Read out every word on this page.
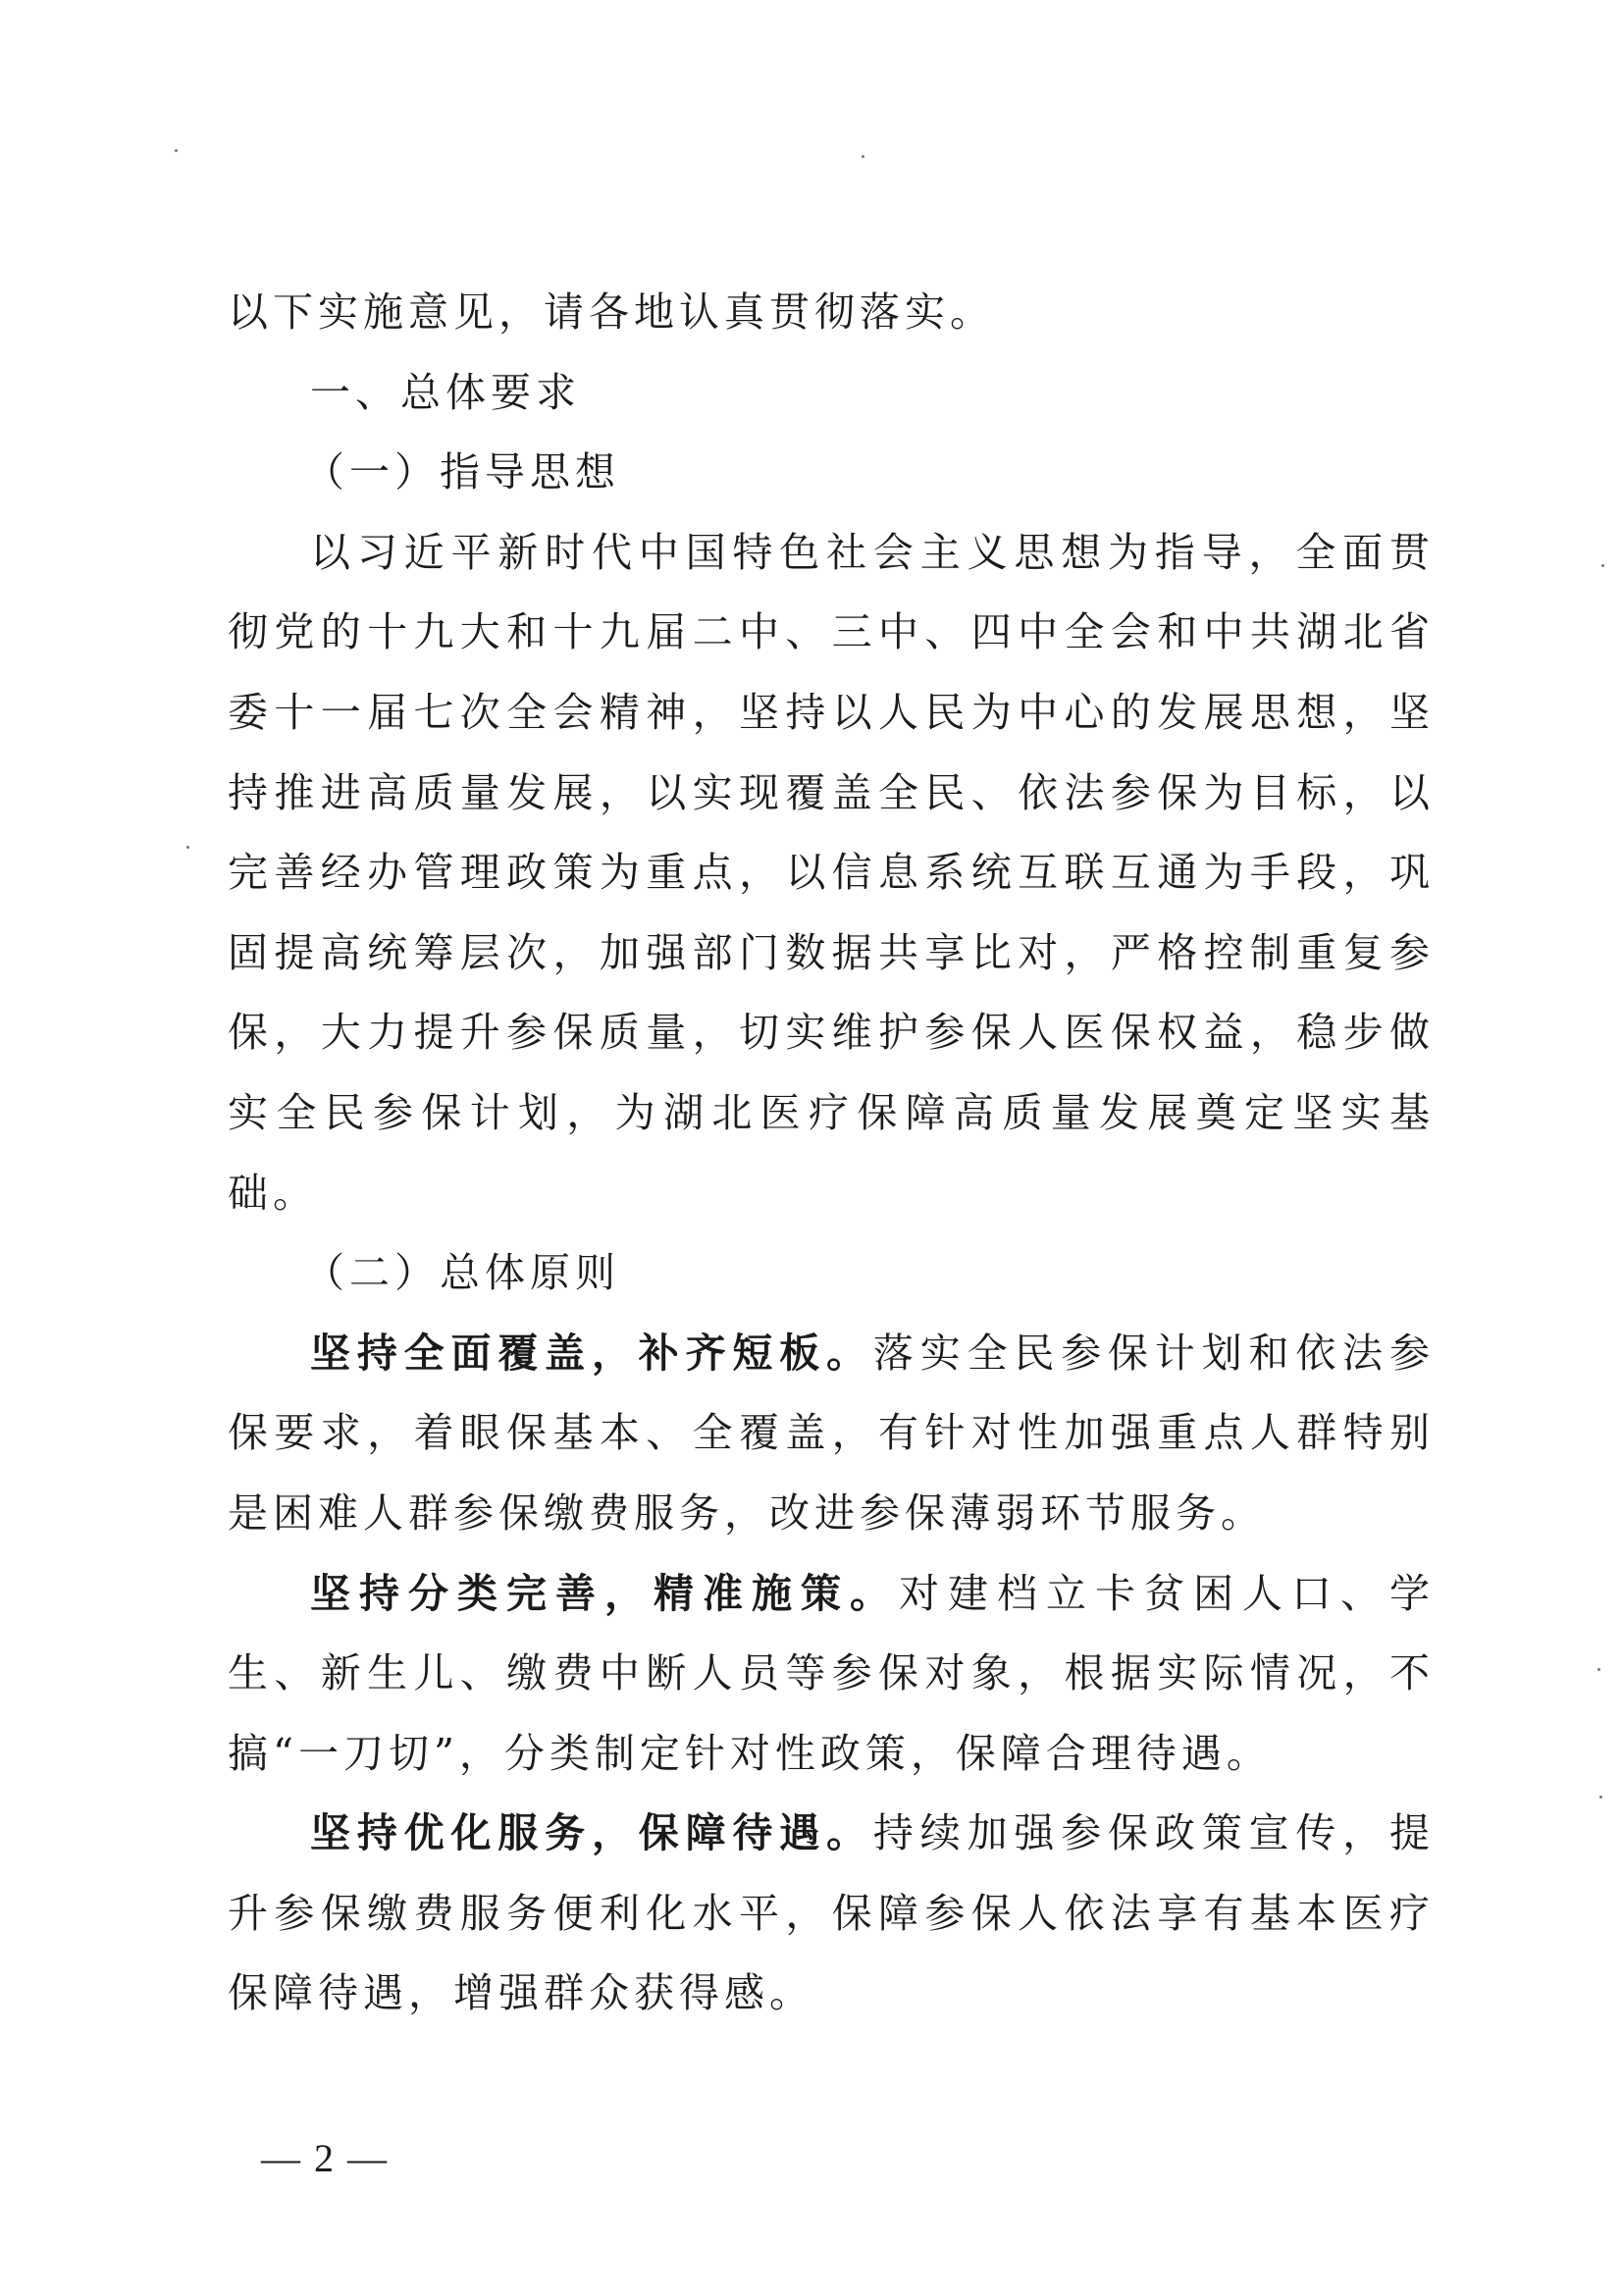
以下实施意见，请各地认真贯彻落实。

一、总体要求

（一）指导思想

以习近平新时代中国特色社会主义思想为指导，全面贯彻党的十九大和十九届二中、三中、四中全会和中共湖北省委十一届七次全会精神，坚持以人民为中心的发展思想，坚持推进高质量发展，以实现覆盖全民、依法参保为目标，以完善经办管理政策为重点，以信息系统互联互通为手段，巩固提高统筹层次，加强部门数据共享比对，严格控制重复参保，大力提升参保质量，切实维护参保人医保权益，稳步做实全民参保计划，为湖北医疗保障高质量发展奠定坚实基础。

（二）总体原则

坚持全面覆盖，补齐短板。落实全民参保计划和依法参保要求，着眼保基本、全覆盖，有针对性加强重点人群特别是困难人群参保缴费服务，改进参保薄弱环节服务。

坚持分类完善，精准施策。对建档立卡贫困人口、学生、新生儿、缴费中断人员等参保对象，根据实际情况，不搞“一刀切”，分类制定针对性政策，保障合理待遇。

坚持优化服务，保障待遇。持续加强参保政策宣传，提升参保缴费服务便利化水平，保障参保人依法享有基本医疗保障待遇，增强群众获得感。

— 2 —
